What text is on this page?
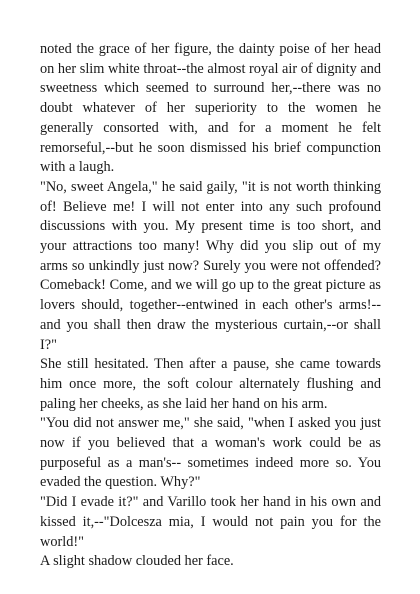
noted the grace of her figure, the dainty poise of her head on her slim white throat--the almost royal air of dignity and sweetness which seemed to surround her,--there was no doubt whatever of her superiority to the women he generally consorted with, and for a moment he felt remorseful,--but he soon dismissed his brief compunction with a laugh.

"No, sweet Angela," he said gaily, "it is not worth thinking of! Believe me! I will not enter into any such profound discussions with you. My present time is too short, and your attractions too many! Why did you slip out of my arms so unkindly just now? Surely you were not offended? Comeback! Come, and we will go up to the great picture as lovers should, together--entwined in each other's arms!-- and you shall then draw the mysterious curtain,--or shall I?"

She still hesitated. Then after a pause, she came towards him once more, the soft colour alternately flushing and paling her cheeks, as she laid her hand on his arm.

"You did not answer me," she said, "when I asked you just now if you believed that a woman's work could be as purposeful as a man's-- sometimes indeed more so. You evaded the question. Why?"

"Did I evade it?" and Varillo took her hand in his own and kissed it,--"Dolcesza mia, I would not pain you for the world!"

A slight shadow clouded her face.
